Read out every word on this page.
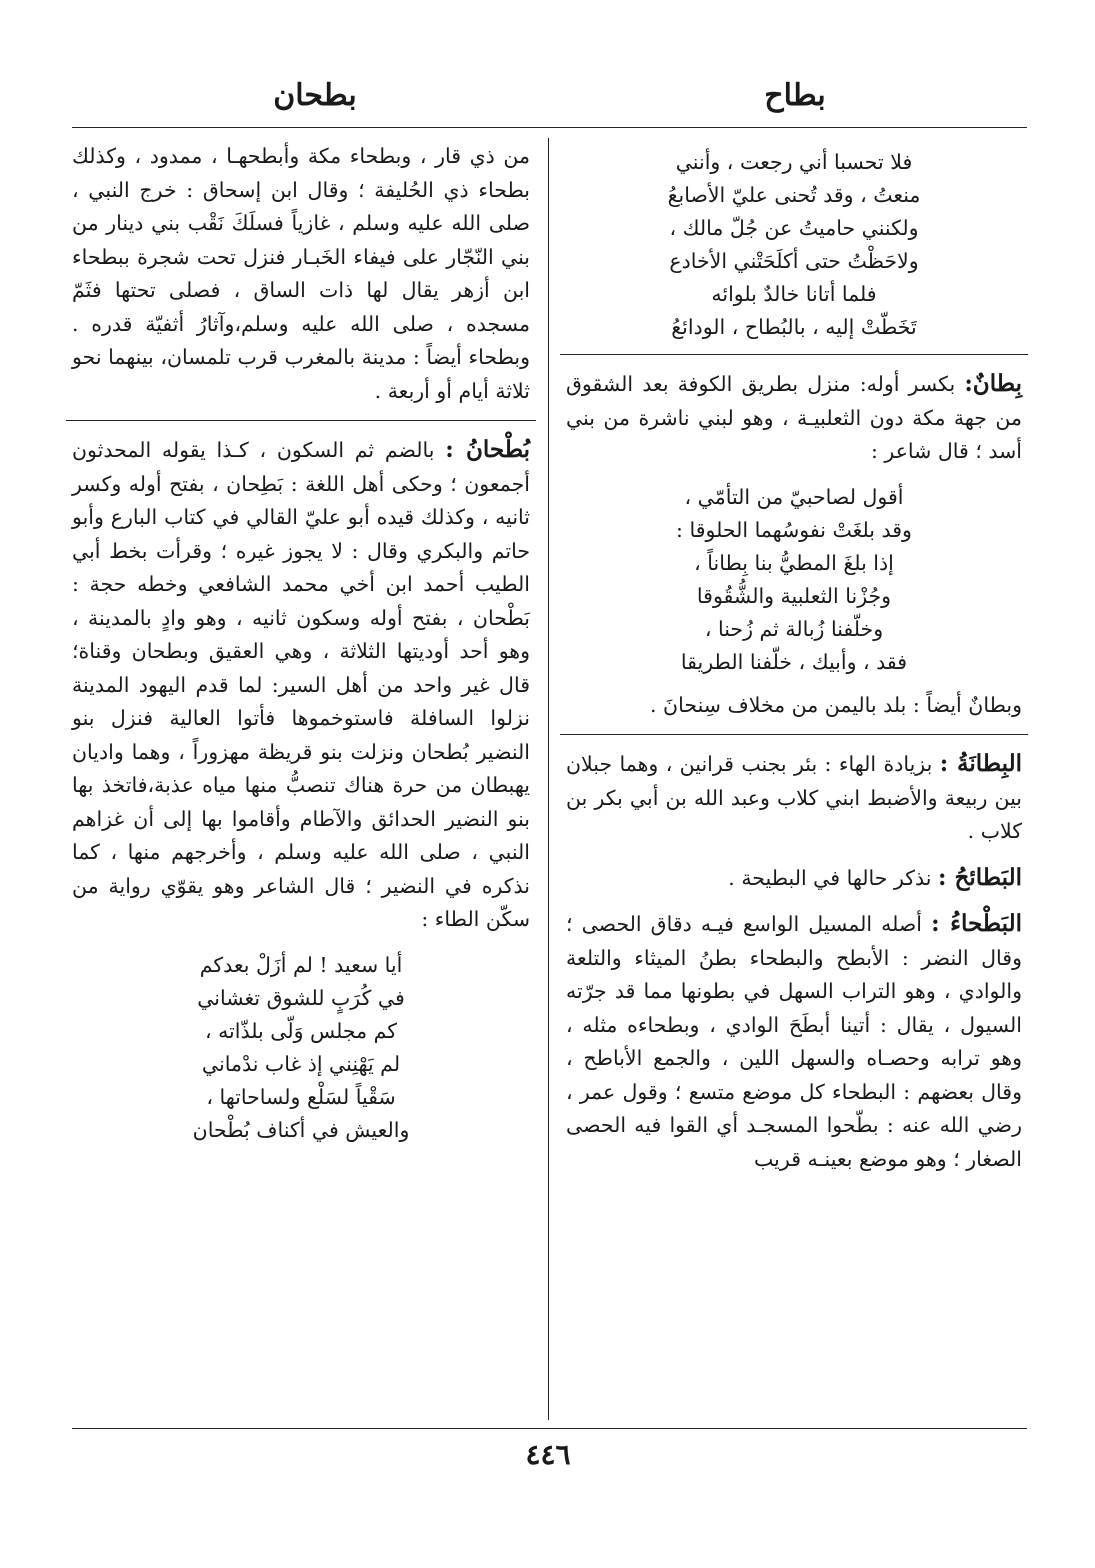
بطاح
بطحان
فلا تحسبا أني رجعت ، وأنني
منعتُ ، وقد تُحنى عليّ الأصابعُ
ولكنني حاميتُ عن جُلّ مالك ،
ولاحَظْتُ حتى أكلَحَتْني الأخادع
فلما أتانا خالدٌ بلوائه
تَخَطّتْ إليه ، بالبُطاح ، الودائعُ

بِطانٌ: بكسر أوله: منزل بطريق الكوفة بعد الشقوق من جهة مكة دون الثعلبيـة ، وهو لبني ناشرة من بني أسد ؛ قال شاعر :

أقول لصاحبيّ من التأمّي ،
وقد بلغَتْ نفوسُهما الحلوقا :
إذا بلغَ المطيُّ بنا بِطاناً ،
وجُزْنا الثعلبية والشُّقُوقا
وخلّفنا زُبالة ثم زُحنا ،
فقد ، وأبيك ، خلّفنا الطريقا

وبطانٌ أيضاً : بلد باليمن من مخلاف سِنحانَ .

البِطانَةُ : بزيادة الهاء : بئر بجنب قرانين ، وهما جبلان بين ربيعة والأضبط ابني كلاب وعبد الله بن أبي بكر بن كلاب .

البَطائحُ : نذكر حالها في البطيحة .

البَطْحاءُ : أصله المسيل الواسع فيـه دقاق الحصى ؛ وقال النضر : الأبطح والبطحاء بطنُ الميثاء والتلعة والوادي ، وهو التراب السهل في بطونها مما قد جرّته السيول ، يقال : أتينا أبطَحَ الوادي ، وبطحاءه مثله ، وهو ترابه وحصـاه والسهل اللين ، والجمع الأباطح ، وقال بعضهم : البطحاء كل موضع متسع ؛ وقول عمر ، رضي الله عنه : بطّحوا المسجـد أي القوا فيه الحصى الصغار ؛ وهو موضع بعينـه قريب

من ذي قار ، وبطحاء مكة وأبطحهـا ، ممدود ، وكذلك بطحاء ذي الحُليفة ؛ وقال ابن إسحاق : خرج النبي ، صلى الله عليه وسلم ، غازياً فسلَكَ نَقْب بني دينار من بني النّجّار على فيفاء الخَبـار فنزل تحت شجرة ببطحاء ابن أزهر يقال لها ذات الساق ، فصلى تحتها فثَمّ مسجده ، صلى الله عليه وسلم،وآثارُ أثفيّة قدره . وبطحاء أيضاً : مدينة بالمغرب قرب تلمسان، بينهما نحو ثلاثة أيام أو أربعة .

بُطْحانُ : بالضم ثم السكون ، كـذا يقوله المحدثون أجمعون ؛ وحكى أهل اللغة : بَطِحان ، بفتح أوله وكسر ثانيه ، وكذلك قيده أبو عليّ القالي في كتاب البارع وأبو حاتم والبكري وقال : لا يجوز غيره ؛ وقرأت بخط أبي الطيب أحمد ابن أخي محمد الشافعي وخطه حجة : بَطْحان ، بفتح أوله وسكون ثانيه ، وهو وادٍ بالمدينة ، وهو أحد أوديتها الثلاثة ، وهي العقيق وبطحان وقناة؛ قال غير واحد من أهل السير: لما قدم اليهود المدينة نزلوا السافلة فاستوخموها فأتوا العالية فنزل بنو النضير بُطحان ونزلت بنو قريظة مهزوراً ، وهما واديان يهبطان من حرة هناك تنصبُّ منها مياه عذبة،فاتخذ بها بنو النضير الحدائق والآطام وأقاموا بها إلى أن غزاهم النبي ، صلى الله عليه وسلم ، وأخرجهم منها ، كما نذكره في النضير ؛ قال الشاعر وهو يقوّي رواية من سكّن الطاء :

أيا سعيد ! لم أزَلْ بعدكم
في كُرَبٍ للشوق تغشاني
كم مجلس وَلّى بلذّاته ،
لم يَهْنِني إذ غاب ندْماني
سَقْياً لسَلْع ولساحاتها ،
والعيش في أكناف بُطْحان
٤٤٦
